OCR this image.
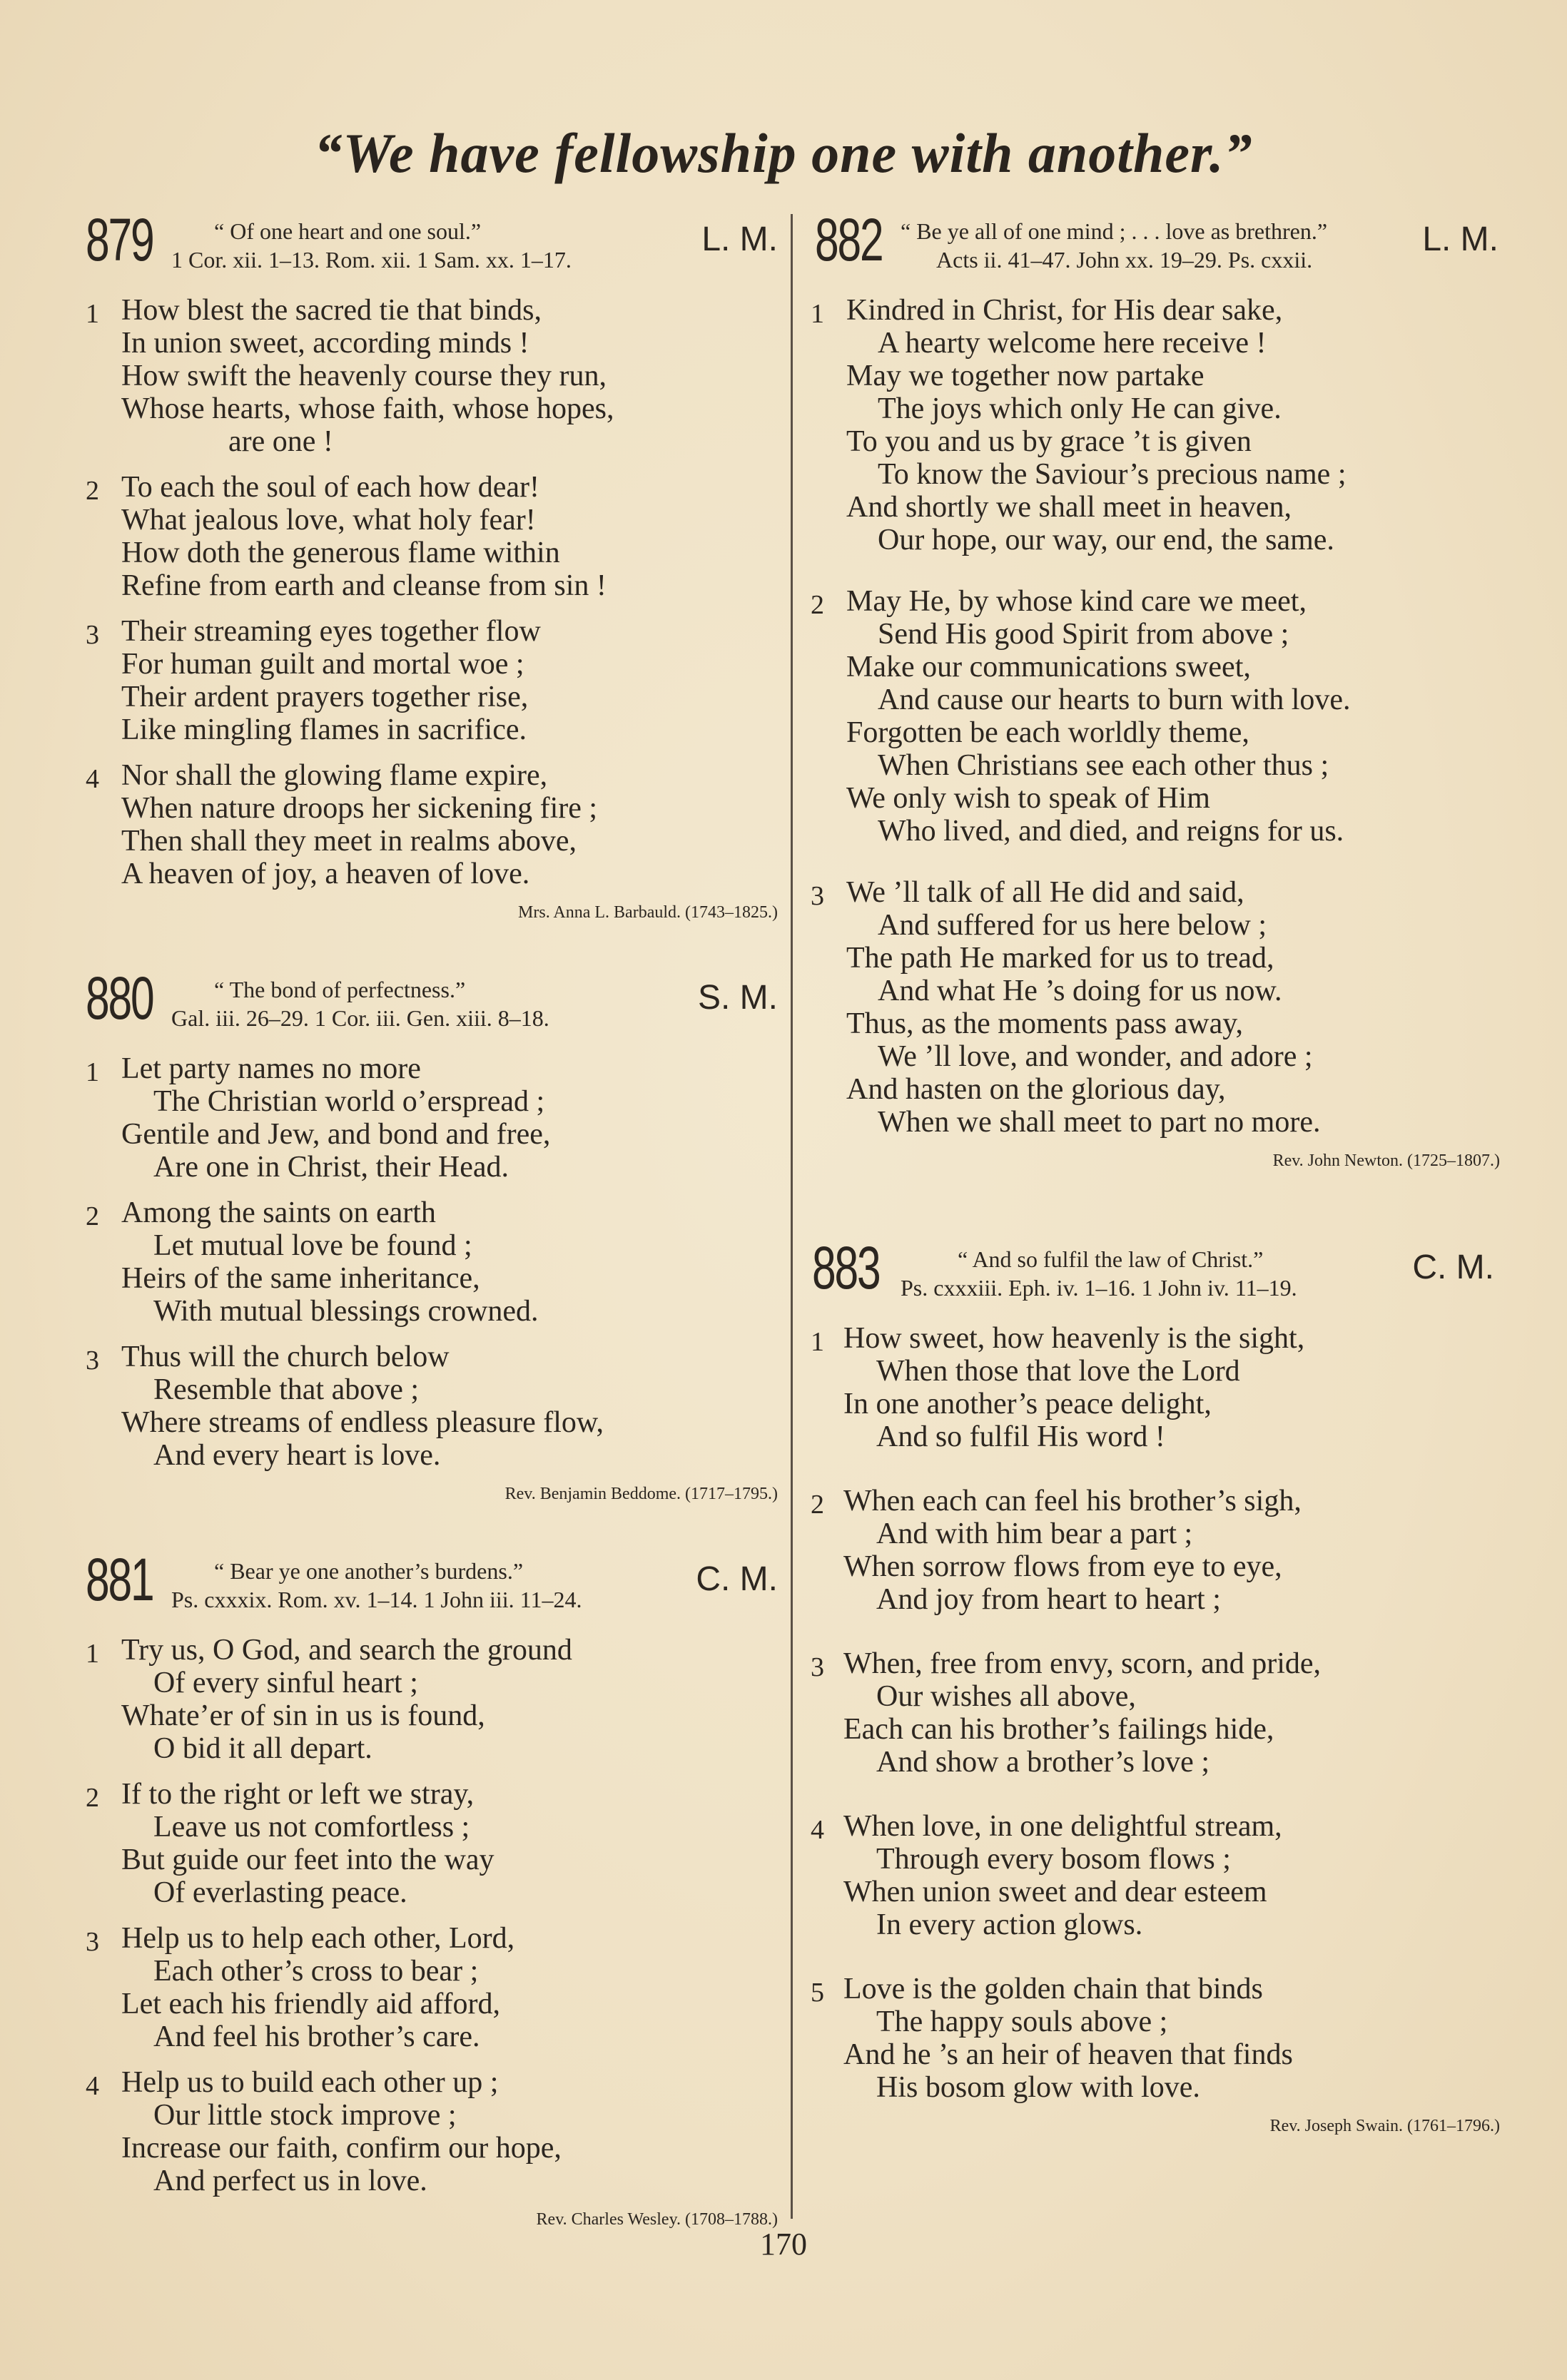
“We have fellowship one with another.”
879	“ Of one heart and one soul.”
1 Cor. xii. 1–13. Rom. xii. 1 Sam. xx. 1–17.
L. M.
1 How blest the sacred tie that binds,
In union sweet, according minds !
How swift the heavenly course they run,
Whose hearts, whose faith, whose hopes,
are one !
2 To each the soul of each how dear!
What jealous love, what holy fear!
How doth the generous flame within
Refine from earth and cleanse from sin !
3 Their streaming eyes together flow
For human guilt and mortal woe ;
Their ardent prayers together rise,
Like mingling flames in sacrifice.
4 Nor shall the glowing flame expire,
When nature droops her sickening fire ;
Then shall they meet in realms above,
A heaven of joy, a heaven of love.
Mrs. Anna L. Barbauld. (1743–1825.)
880	“ The bond of perfectness.”
Gal. iii. 26–29. 1 Cor. iii. Gen. xiii. 8–18.
S. M.
1 Let party names no more
The Christian world o’erspread ;
Gentile and Jew, and bond and free,
Are one in Christ, their Head.
2 Among the saints on earth
Let mutual love be found ;
Heirs of the same inheritance,
With mutual blessings crowned.
3 Thus will the church below
Resemble that above ;
Where streams of endless pleasure flow,
And every heart is love.
Rev. Benjamin Beddome. (1717–1795.)
881	“ Bear ye one another’s burdens.”
Ps. cxxxix. Rom. xv. 1–14. 1 John iii. 11–24.
C. M.
1 Try us, O God, and search the ground
Of every sinful heart ;
Whate’er of sin in us is found,
O bid it all depart.
2 If to the right or left we stray,
Leave us not comfortless ;
But guide our feet into the way
Of everlasting peace.
3 Help us to help each other, Lord,
Each other’s cross to bear ;
Let each his friendly aid afford,
And feel his brother’s care.
4 Help us to build each other up ;
Our little stock improve ;
Increase our faith, confirm our hope,
And perfect us in love.
Rev. Charles Wesley. (1708–1788.)
882 “ Be ye all of one mind ; . . . love as brethren.”
Acts ii. 41–47. John xx. 19–29. Ps. cxxii.
L. M.
1 Kindred in Christ, for His dear sake,
A hearty welcome here receive !
May we together now partake
The joys which only He can give.
To you and us by grace ’t is given
To know the Saviour’s precious name ;
And shortly we shall meet in heaven,
Our hope, our way, our end, the same.
2 May He, by whose kind care we meet,
Send His good Spirit from above ;
Make our communications sweet,
And cause our hearts to burn with love.
Forgotten be each worldly theme,
When Christians see each other thus ;
We only wish to speak of Him
Who lived, and died, and reigns for us.
3 We ’ll talk of all He did and said,
And suffered for us here below ;
The path He marked for us to tread,
And what He ’s doing for us now.
Thus, as the moments pass away,
We ’ll love, and wonder, and adore ;
And hasten on the glorious day,
When we shall meet to part no more.
Rev. John Newton. (1725–1807.)
883	“ And so fulfil the law of Christ.”
Ps. cxxxiii. Eph. iv. 1–16. 1 John iv. 11–19.
C. M.
1 How sweet, how heavenly is the sight,
When those that love the Lord
In one another’s peace delight,
And so fulfil His word !
2 When each can feel his brother’s sigh,
And with him bear a part ;
When sorrow flows from eye to eye,
And joy from heart to heart ;
3 When, free from envy, scorn, and pride,
Our wishes all above,
Each can his brother’s failings hide,
And show a brother’s love ;
4 When love, in one delightful stream,
Through every bosom flows ;
When union sweet and dear esteem
In every action glows.
5 Love is the golden chain that binds
The happy souls above ;
And he ’s an heir of heaven that finds
His bosom glow with love.
Rev. Joseph Swain. (1761–1796.)
170
